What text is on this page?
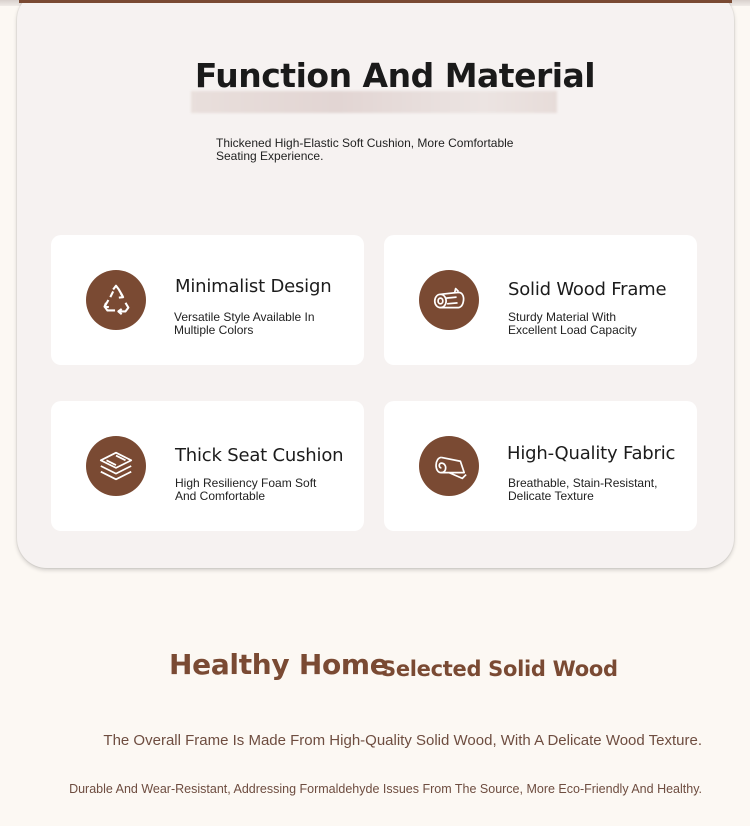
Function And Material
Thickened High-Elastic Soft Cushion, More Comfortable Seating Experience.
Minimalist Design
Versatile Style Available In Multiple Colors
Solid Wood Frame
Sturdy Material With Excellent Load Capacity
Thick Seat Cushion
High Resiliency Foam Soft And Comfortable
High-Quality Fabric
Breathable, Stain-Resistant, Delicate Texture
Healthy Home
Selected Solid Wood
The Overall Frame Is Made From High-Quality Solid Wood, With A Delicate Wood Texture.
Durable And Wear-Resistant, Addressing Formaldehyde Issues From The Source, More Eco-Friendly And Healthy.
